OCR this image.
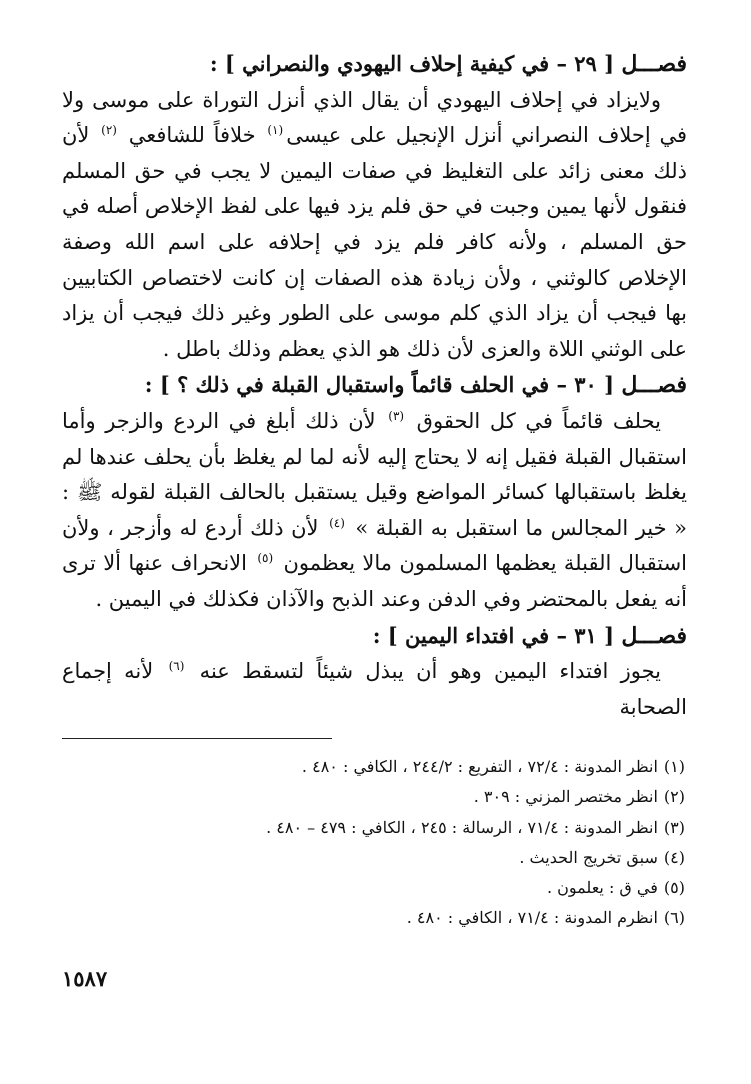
فصـــل [ ٢٩ – في كيفية إحلاف اليهودي والنصراني ] :

ولايزاد في إحلاف اليهودي أن يقال الذي أنزل التوراة على موسى ولا في إحلاف النصراني أنزل الإنجيل على عيسى$^{(١)}$ خلافاً للشافعي $^{(٢)}$ لأن ذلك معنى زائد على التغليظ في صفات اليمين لا يجب في حق المسلم فنقول لأنها يمين وجبت في حق فلم يزد فيها على لفظ الإخلاص أصله في حق المسلم ، ولأنه كافر فلم يزد في إحلافه على اسم الله وصفة الإخلاص كالوثني ، ولأن زيادة هذه الصفات إن كانت لاختصاص الكتابيين بها فيجب أن يزاد الذي كلم موسى على الطور وغير ذلك فيجب أن يزاد على الوثني اللاة والعزى لأن ذلك هو الذي يعظم وذلك باطل .

فصـــل [ ٣٠ – في الحلف قائماً واستقبال القبلة في ذلك ؟ ] :

يحلف قائماً في كل الحقوق $^{(٣)}$ لأن ذلك أبلغ في الردع والزجر وأما استقبال القبلة فقيل إنه لا يحتاج إليه لأنه لما لم يغلظ بأن يحلف عندها لم يغلظ باستقبالها كسائر المواضع وقيل يستقبل بالحالف القبلة لقوله ﷺ : « خير المجالس ما استقبل به القبلة » $^{(٤)}$ لأن ذلك أردع له وأزجر ، ولأن استقبال القبلة يعظمها المسلمون مالا يعظمون $^{(٥)}$ الانحراف عنها ألا ترى أنه يفعل بالمحتضر وفي الدفن وعند الذبح والآذان فكذلك في اليمين .

فصـــل [ ٣١ – في افتداء اليمين ] :

يجوز افتداء اليمين وهو أن يبذل شيئاً لتسقط عنه $^{(٦)}$ لأنه إجماع الصحابة

(١)انظر المدونة : ٧٢/٤ ، التفريع : ٢٤٤/٢ ، الكافي : ٤٨٠ .

(٢)انظر مختصر المزني : ٣٠٩ .

(٣)انظر المدونة : ٧١/٤ ، الرسالة : ٢٤٥ ، الكافي : ٤٧٩ – ٤٨٠ .

(٤)سبق تخريج الحديث .

(٥)في ق : يعلمون .

(٦)انظرم المدونة : ٧١/٤ ، الكافي : ٤٨٠ .

١٥٨٧
